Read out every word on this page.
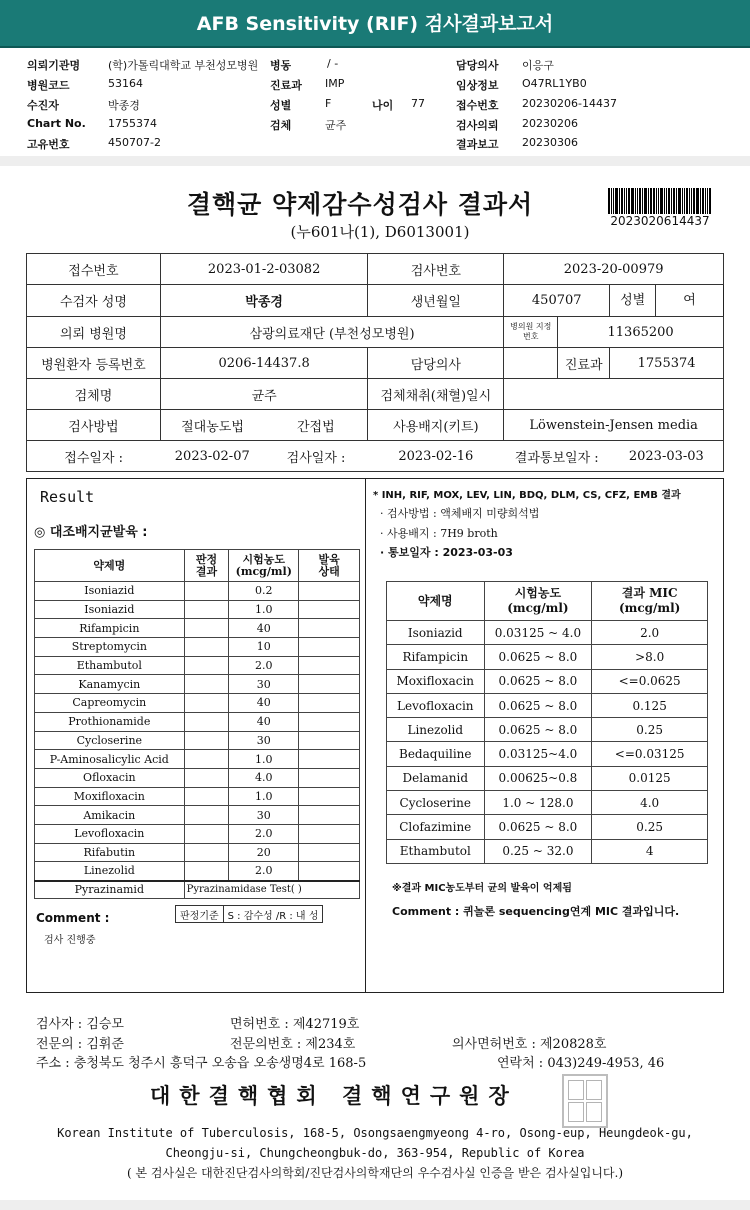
AFB Sensitivity (RIF) 검사결과보고서
의뢰기관명	(학)가톨릭대학교 부천성모병원	병동	/ -	담당의사 이응구
병원코드	53164	진료과 IMP	임상정보 O47RL1YB0
수진자	박종경	성별	F	나이 77	접수번호 20230206-14437
Chart No. 1755374	검체	균주	검사의뢰 20230206
고유번호	450707-2	결과보고 20230306
결핵균 약제감수성검사 결과서
(누601나(1), D6013001)
2023020614437
접수번호	2023-01-2-03082		검사번호	2023-20-00979		
수검자 성명	박종경		생년월일	450707		성별	여

의뢰 병원명	삼광의료재단 (부천성모병원)			병의원 지정번호	11365200	
병원환자 등록번호	0206-14437.8		담당의사		진료과	1755374
검체명	균주		검체채취(채혈)일시			
검사방법	절대농도법	간접법	사용배지(키트)	Löwenstein-Jensen media		
접수일자 :	2023-02-07	검사일자 :	2023-02-16	결과통보일자 :		2023-03-03
Result
◎ 대조배지균발육 :
약제명	판정 결과	시험농도 (mcg/ml)	발육 상태
Isoniazid		0.2	
Isoniazid		1.0	
Rifampicin		40	
Streptomycin		10	
Ethambutol		2.0	
Kanamycin		30	
Capreomycin		40	
Prothionamide		40	
Cycloserine		30	
P-Aminosalicylic Acid		1.0	
Ofloxacin		4.0	
Moxifloxacin		1.0	
Amikacin		30	
Levofloxacin		2.0	
Rifabutin		20	
Linezolid		2.0	
Pyrazinamid	Pyrazinamidase Test( )		
판정기준 S : 감수성 /R : 내 성
Comment :
검사 진행중
* INH, RIF, MOX, LEV, LIN, BDQ, DLM, CS, CFZ, EMB 결과
· 검사방법 : 액체배지 미량희석법
· 사용배지 : 7H9 broth
· 통보일자 : 2023-03-03
약제명	시험농도 (mcg/ml)	결과 MIC (mcg/ml)
Isoniazid	0.03125 ~ 4.0	2.0
Rifampicin	0.0625 ~ 8.0	>8.0
Moxifloxacin	0.0625 ~ 8.0	<=0.0625
Levofloxacin	0.0625 ~ 8.0	0.125
Linezolid	0.0625 ~ 8.0	0.25
Bedaquiline	0.03125~4.0	<=0.03125
Delamanid	0.00625~0.8	0.0125
Cycloserine	1.0 ~ 128.0	4.0
Clofazimine	0.0625 ~ 8.0	0.25
Ethambutol	0.25 ~ 32.0	4
※결과 MIC농도부터 균의 발육이 억제됨
Comment : 퀴놀론 sequencing연계 MIC 결과입니다.
검사자 : 김승모	면허번호 : 제42719호
전문의 : 김휘준	전문의번호 : 제234호	의사면허번호 : 제20828호
주소 : 충청북도 청주시 흥덕구 오송읍 오송생명4로 168-5	연락처 : 043)249-4953, 46
대한결핵협회 결핵연구원장
Korean Institute of Tuberculosis, 168-5, Osongsaengmyeong 4-ro, Osong-eup, Heungdeok-gu,
Cheongju-si, Chungcheongbuk-do, 363-954, Republic of Korea
( 본 검사실은 대한진단검사의학회/진단검사의학재단의 우수검사실 인증을 받은 검사실입니다.)
